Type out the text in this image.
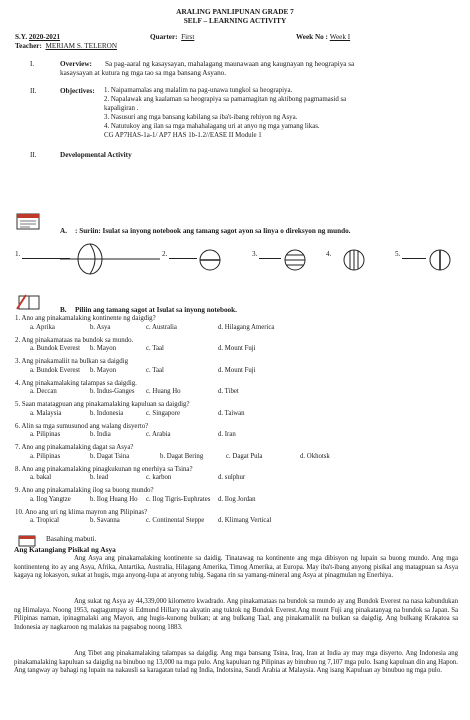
ARALING PANLIPUNAN GRADE 7
SELF – LEARNING ACTIVITY
S.Y. 2020-2021	Quarter: First	Week No : Week I
Teacher: MERIAM S. TELERON
I.	Overview: Sa pag-aaral ng kasaysayan, mahalagang maunawaan ang kaugnayan ng heograpiya sa
kasaysayan at kutura ng mga tao sa mga bansang Asyano.
II.	Objectives: 1. Naipamamalas ang malalim na pag-unawa tungkol sa heograpiya.
2. Napalawak ang kaalaman sa heograpiya sa pamamagitan ng aktibong pagmamasid sa
kapaligiran .
3. Nasusuri ang mga bansang kabilang sa iba't-ibang rehiyon ng Asya.
4. Natutukoy ang ilan sa mga mahahalagang uri at anyo ng mga yamang likas.
CG AP7HAS-1a-1/ AP7 HAS 1b-1.2//EASE II Module 1
II.	Developmental Activity
A. : Suriin: Isulat sa inyong notebook ang tamang sagot ayon sa linya o direksyon ng mundo.
1.	2.	3.	4.	5.
B. Piliin ang tamang sagot at Isulat sa inyong notebook.
1. Ano ang pinakamalaking kontinente ng daigdig?
a. Aprika	b. Asya	c. Australia	d. Hilagang America
2. Ang pinakamataas na bundok sa mundo.
a. Bundok Everest b. Mayon	c. Taal	d. Mount Fuji
3. Ang pinakamaliit na bulkan sa daigdig
a. Bundok Everest b. Mayon	c. Taal	d. Mount Fuji
4. Ang pinakamalaking talampas sa daigdig.
a. Deccan	b. Indus-Ganges c. Huang Ho	d. Tibet
5. Saan matatagpuan ang pinakamalaking kapuluan sa daigdig?
a. Malaysia	b. Indonesia	c. Singapore	d. Taiwan
6. Alin sa mga sumusunod ang walang disyerto?
a. Pilipinas	b. India	c. Arabia	d. Iran
7. Ano ang pinakamalaking dagat sa Asya?
a. Pilipinas	b. Dagat Tsina	b. Dagat Bering	c. Dagat Pula	d. Okhotsk
8. Ano ang pinakamalaking pinagkukunan ng enerhiya sa Tsina?
a. bakal	b. lead	c. karbon	d. sulphur
9. Ano ang pinakamalaking ilog sa buong mundo?
a. Ilog Yangtze	b. Ilog Huang Ho c. Ilog Tigris-Euphrates d. Ilog Jordan
10. Ano ang uri ng klima mayron ang Pilipinas?
a. Tropical	b. Savanna	c. Continental Steppe d. Klimang Vertical
Basahing mabuti.
Ang Katangiang Pisikal ng Asya
Ang Asya ang pinakamalaking kontinente sa daidig. Tinatawag na kontinente ang mga dibisyon ng lupain sa buong mundo. Ang mga kontinenteng ito ay ang Asya, Afrika, Antartika, Australia, Hilagang Amerika, Timog Amerika, at Europa. May iba't-ibang anyong pisikal ang matagpuan sa Asya kagaya ng lokasyon, sukat at hugis, mga anyong-lupa at anyong tubig. Sagana rin sa yamang-mineral ang Asya at pinagmulan ng Enerhiya.
Ang sukat ng Asya ay 44,339,000 kilometro kwadrado. Ang pinakamataas na bundok sa mundo ay ang Bundok Everest na nasa kabundukan ng Himalaya. Noong 1953, nagtagumpay si Edmund Hillary na akyatin ang tuktok ng Bundok Everest.Ang mount Fuji ang pinakatanyag na bundok sa Japan. Sa Pilipinas naman, ipinagmalaki ang Mayon, ang hugis-kunong bulkan; at ang bulkang Taal, ang pinakamaliit na bulkan sa daigdig. Ang bulkang Krakatoa sa Indonesia ay nagkaroon ng malakas na pagsabog noong 1883.
Ang Tibet ang pinakamalaking talampas sa daigdig. Ang mga bansang Tsina, Iraq, Iran at India ay may mga disyerto. Ang Indonesia ang pinakamalaking kapuluan sa daigdig na binubuo ng 13,000 na mga pulo. Ang kapuluan ng Pilipinas ay binubuo ng 7,107 mga pulo. Isang kapuluan din ang Hapon. Ang tangway ay bahagi ng lupain na nakausli sa karagatan tulad ng India, Indotsina, Saudi Arabia at Malaysia. Ang isang Kapuluan ay binubuo ng mga pulo.
